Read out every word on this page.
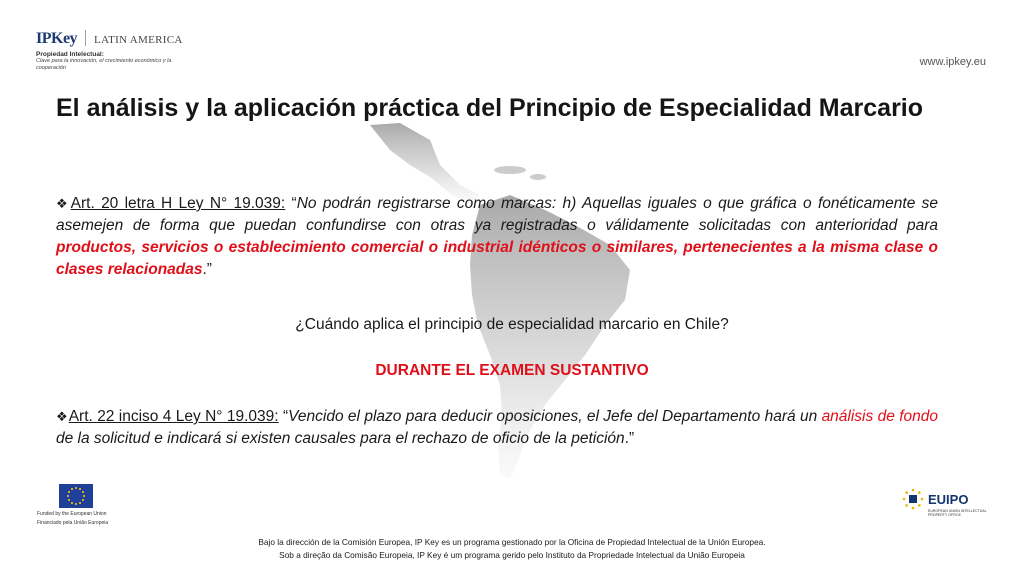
IPKey LATIN AMERICA
Propiedad Intelectual:
Clave para la innovación, el crecimiento económico y la cooperación	www.ipkey.eu
El análisis y la aplicación práctica del Principio de Especialidad Marcario
❖Art. 20 letra H Ley N° 19.039: “No podrán registrarse como marcas: h) Aquellas iguales o que gráfica o fonéticamente se asemejen de forma que puedan confundirse con otras ya registradas o válidamente solicitadas con anterioridad para productos, servicios o establecimiento comercial o industrial idénticos o similares, pertenecientes a la misma clase o clases relacionadas.”
¿Cuándo aplica el principio de especialidad marcario en Chile?
DURANTE EL EXAMEN SUSTANTIVO
❖Art. 22 inciso 4 Ley N° 19.039: “Vencido el plazo para deducir oposiciones, el Jefe del Departamento hará un análisis de fondo de la solicitud e indicará si existen causales para el rechazo de oficio de la petición.”
Funded by the European Union
Financiado pela União Europeia
EUIPO
EUROPEAN UNION INTELLECTUAL PROPERTY OFFICE
Bajo la dirección de la Comisión Europea, IP Key es un programa gestionado por la Oficina de Propiedad Intelectual de la Unión Europea.
Sob a direção da Comisão Europeia, IP Key é um programa gerido pelo Instituto da Propriedade Intelectual da União Europeia
